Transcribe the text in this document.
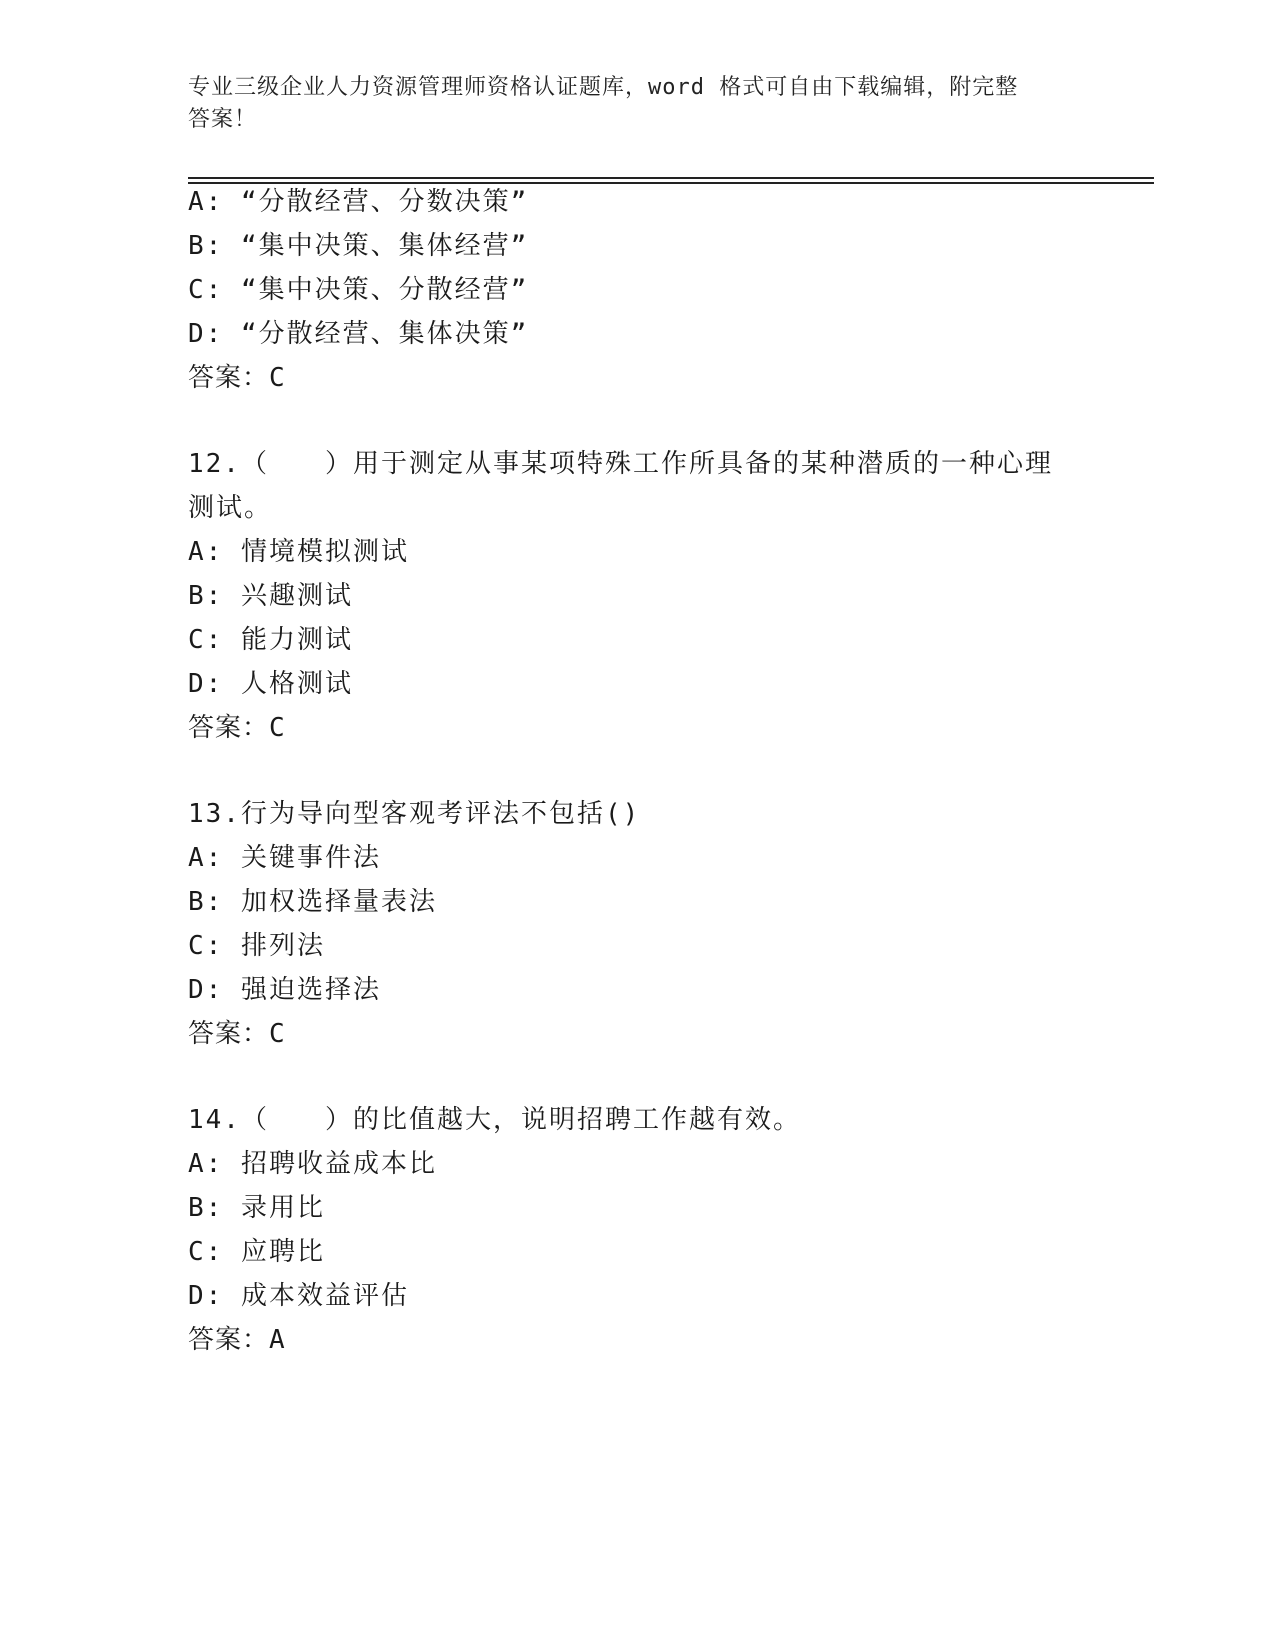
专业三级企业人力资源管理师资格认证题库，word 格式可自由下载编辑，附完整
答案！
A: “分散经营、分数决策”
B: “集中决策、集体经营”
C: “集中决策、分散经营”
D: “分散经营、集体决策”
答案：C
12.（　　）用于测定从事某项特殊工作所具备的某种潜质的一种心理
测试。
A: 情境模拟测试
B: 兴趣测试
C: 能力测试
D: 人格测试
答案：C
13.行为导向型客观考评法不包括()
A: 关键事件法
B: 加权选择量表法
C: 排列法
D: 强迫选择法
答案：C
14.（　　）的比值越大，说明招聘工作越有效。
A: 招聘收益成本比
B: 录用比
C: 应聘比
D: 成本效益评估
答案：A
